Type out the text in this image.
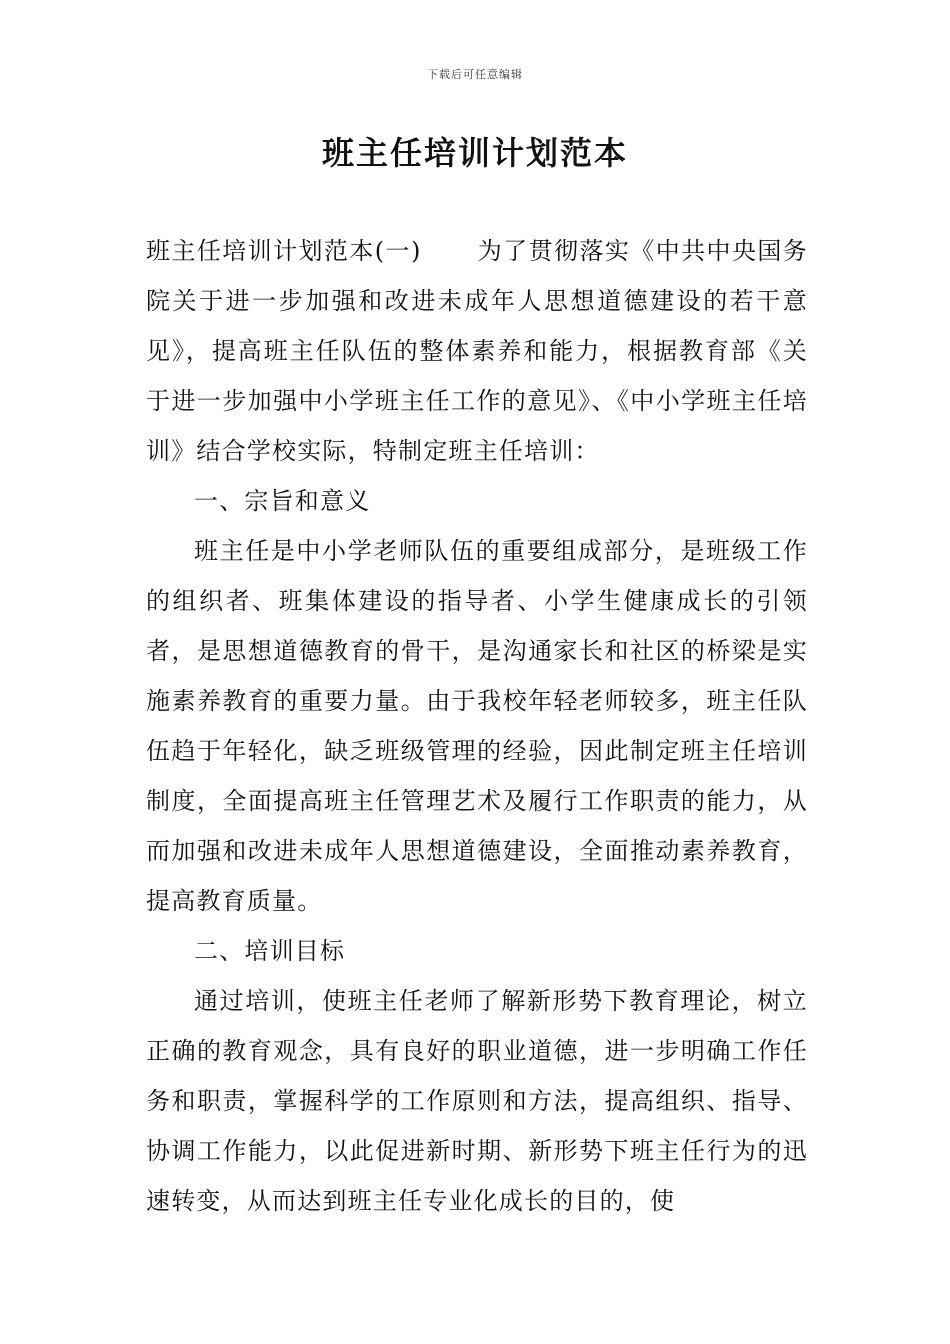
下载后可任意编辑
班主任培训计划范本

班主任培训计划范本(一) 为了贯彻落实《中共中央国务院关于进一步加强和改进未成年人思想道德建设的若干意见》，提高班主任队伍的整体素养和能力，根据教育部《关于进一步加强中小学班主任工作的意见》、《中小学班主任培训》结合学校实际，特制定班主任培训：

一、宗旨和意义

班主任是中小学老师队伍的重要组成部分，是班级工作的组织者、班集体建设的指导者、小学生健康成长的引领者，是思想道德教育的骨干，是沟通家长和社区的桥梁是实施素养教育的重要力量。由于我校年轻老师较多，班主任队伍趋于年轻化，缺乏班级管理的经验，因此制定班主任培训制度，全面提高班主任管理艺术及履行工作职责的能力，从而加强和改进未成年人思想道德建设，全面推动素养教育，提高教育质量。

二、培训目标

通过培训，使班主任老师了解新形势下教育理论，树立正确的教育观念，具有良好的职业道德，进一步明确工作任务和职责，掌握科学的工作原则和方法，提高组织、指导、协调工作能力，以此促进新时期、新形势下班主任行为的迅速转变，从而达到班主任专业化成长的目的，使
